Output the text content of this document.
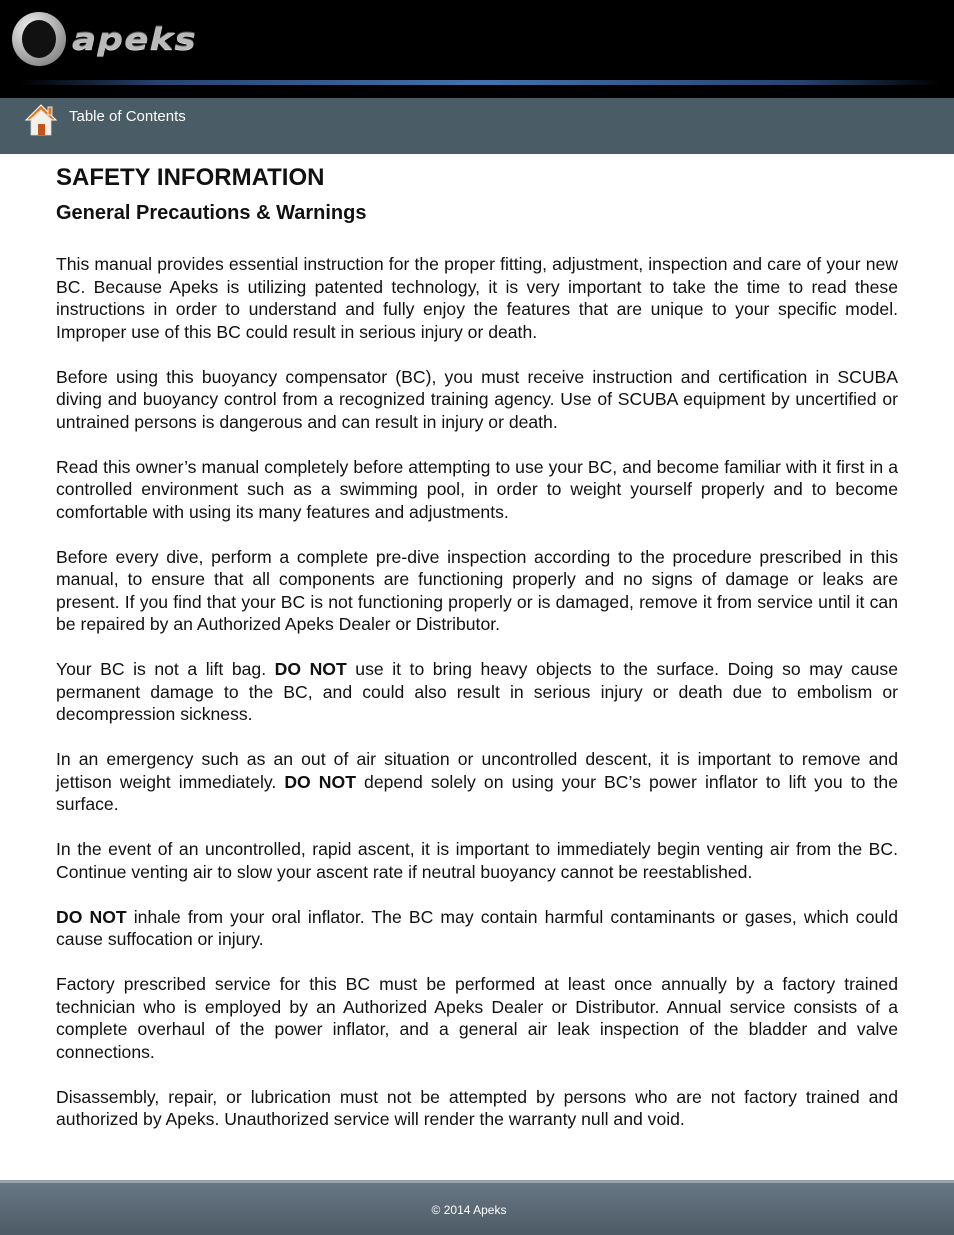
apeks
Table of Contents
SAFETY INFORMATION
General Precautions & Warnings

This manual provides essential instruction for the proper fitting, adjustment, inspection and care of your new BC. Because Apeks is utilizing patented technology, it is very important to take the time to read these instructions in order to understand and fully enjoy the features that are unique to your specific model. Improper use of this BC could result in serious injury or death.

Before using this buoyancy compensator (BC), you must receive instruction and certification in SCUBA diving and buoyancy control from a recognized training agency. Use of SCUBA equipment by uncertified or untrained persons is dangerous and can result in injury or death.

Read this owner’s manual completely before attempting to use your BC, and become familiar with it first in a controlled environment such as a swimming pool, in order to weight yourself properly and to become comfortable with using its many features and adjustments.

Before every dive, perform a complete pre-dive inspection according to the procedure prescribed in this manual, to ensure that all components are functioning properly and no signs of damage or leaks are present. If you find that your BC is not functioning properly or is damaged, remove it from service until it can be repaired by an Authorized Apeks Dealer or Distributor.

Your BC is not a lift bag. DO NOT use it to bring heavy objects to the surface. Doing so may cause permanent damage to the BC, and could also result in serious injury or death due to embolism or decompression sickness.

In an emergency such as an out of air situation or uncontrolled descent, it is important to remove and jettison weight immediately. DO NOT depend solely on using your BC’s power inflator to lift you to the surface.

In the event of an uncontrolled, rapid ascent, it is important to immediately begin venting air from the BC. Continue venting air to slow your ascent rate if neutral buoyancy cannot be reestablished.

DO NOT inhale from your oral inflator. The BC may contain harmful contaminants or gases, which could cause suffocation or injury.

Factory prescribed service for this BC must be performed at least once annually by a factory trained technician who is employed by an Authorized Apeks Dealer or Distributor. Annual service consists of a complete overhaul of the power inflator, and a general air leak inspection of the bladder and valve connections.

Disassembly, repair, or lubrication must not be attempted by persons who are not factory trained and authorized by Apeks. Unauthorized service will render the warranty null and void.

© 2014 Apeks
